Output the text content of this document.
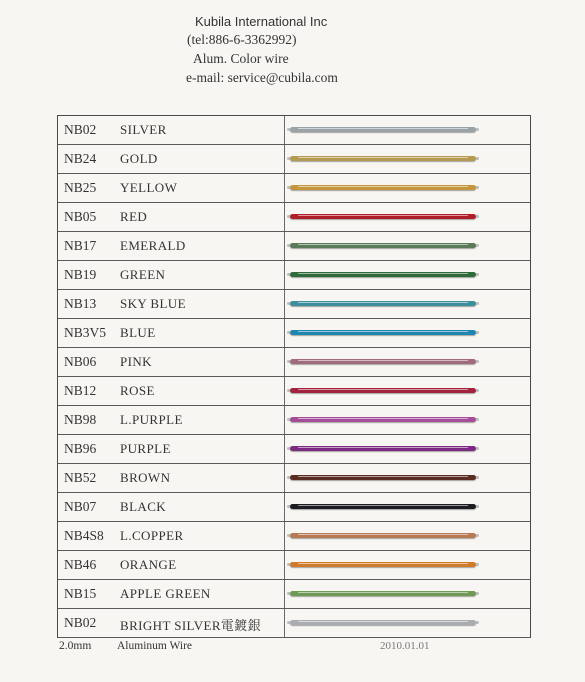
Kubila International Inc
(tel:886-6-3362992)
Alum. Color wire
e-mail: service@cubila.com
NB02 SILVER
NB24 GOLD
NB25 YELLOW
NB05 RED
NB17 EMERALD
NB19 GREEN
NB13 SKY BLUE
NB3V5 BLUE
NB06 PINK
NB12 ROSE
NB98 L.PURPLE
NB96 PURPLE
NB52 BROWN
NB07 BLACK
NB4S8 L.COPPER
NB46 ORANGE
NB15 APPLE GREEN
NB02 BRIGHT SILVER電鍍銀
2.0mm Aluminum Wire	2010.01.01
